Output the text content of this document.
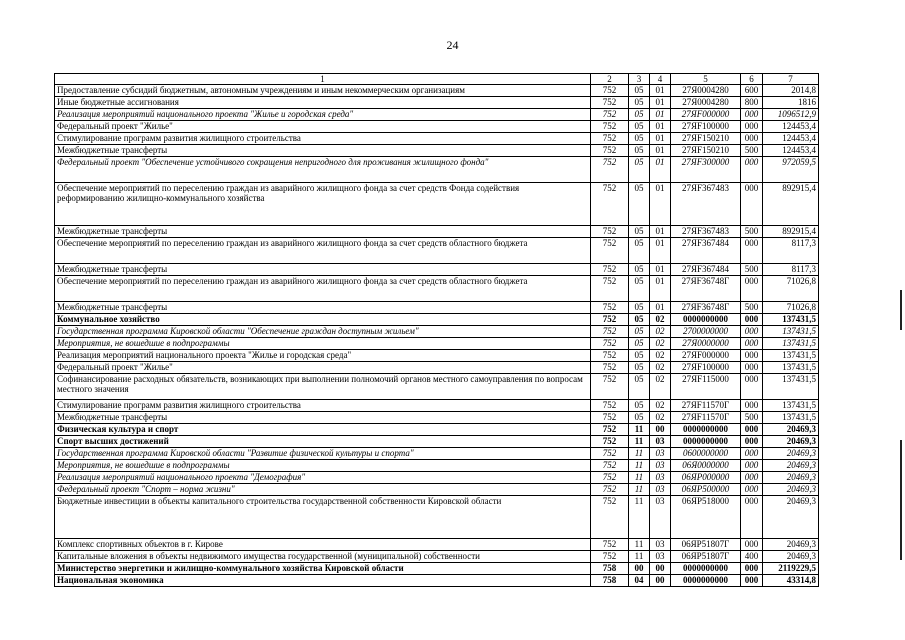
24
1	2	3	4	5	6	7
Предоставление субсидий бюджетным, автономным учреждениям и иным некоммерческим организациям	752	05	01	27Я0004280	600	2014,8
Иные бюджетные ассигнования	752	05	01	27Я0004280	800	1816
Реализация мероприятий национального проекта "Жилье и городская среда"	752	05	01	27ЯF000000	000	1096512,9
Федеральный проект "Жилье"	752	05	01	27ЯF100000	000	124453,4
Стимулирование программ развития жилищного строительства	752	05	01	27ЯF150210	000	124453,4
Межбюджетные трансферты	752	05	01	27ЯF150210	500	124453,4
Федеральный проект "Обеспечение устойчивого сокращения непригодного для проживания жилищного фонда"	752	05	01	27ЯF300000	000	972059,5
Обеспечение мероприятий по переселению граждан из аварийного жилищного фонда за счет средств Фонда содействия реформированию жилищно-коммунального хозяйства	752	05	01	27ЯF367483	000	892915,4
Межбюджетные трансферты	752	05	01	27ЯF367483	500	892915,4
Обеспечение мероприятий по переселению граждан из аварийного жилищного фонда за счет средств областного бюджета	752	05	01	27ЯF367484	000	8117,3
Межбюджетные трансферты	752	05	01	27ЯF367484	500	8117,3
Обеспечение мероприятий по переселению граждан из аварийного жилищного фонда за счет средств областного бюджета	752	05	01	27ЯF36748Г	000	71026,8
Межбюджетные трансферты	752	05	01	27ЯF36748Г	500	71026,8
Коммунальное хозяйство	752	05	02	0000000000	000	137431,5
Государственная программа Кировской области "Обеспечение граждан доступным жильем"	752	05	02	2700000000	000	137431,5
Мероприятия, не вошедшие в подпрограммы	752	05	02	27Я0000000	000	137431,5
Реализация мероприятий национального проекта "Жилье и городская среда"	752	05	02	27ЯF000000	000	137431,5
Федеральный проект "Жилье"	752	05	02	27ЯF100000	000	137431,5
Софинансирование расходных обязательств, возникающих при выполнении полномочий органов местного самоуправления по вопросам местного значения	752	05	02	27ЯF115000	000	137431,5
Стимулирование программ развития жилищного строительства	752	05	02	27ЯF11570Г	000	137431,5
Межбюджетные трансферты	752	05	02	27ЯF11570Г	500	137431,5
Физическая культура и спорт	752	11	00	0000000000	000	20469,3
Спорт высших достижений	752	11	03	0000000000	000	20469,3
Государственная программа Кировской области "Развитие физической культуры и спорта"	752	11	03	0600000000	000	20469,3
Мероприятия, не вошедшие в подпрограммы	752	11	03	06Я0000000	000	20469,3
Реализация мероприятий национального проекта "Демография"	752	11	03	06ЯР000000	000	20469,3
Федеральный проект "Спорт – норма жизни"	752	11	03	06ЯР500000	000	20469,3
Бюджетные инвестиции в объекты капитального строительства государственной собственности Кировской области	752	11	03	06ЯР518000	000	20469,3
Комплекс спортивных объектов в г. Кирове	752	11	03	06ЯР51807Г	000	20469,3
Капитальные вложения в объекты недвижимого имущества государственной (муниципальной) собственности	752	11	03	06ЯР51807Г	400	20469,3
Министерство энергетики и жилищно-коммунального хозяйства Кировской области	758	00	00	0000000000	000	2119229,5
Национальная экономика	758	04	00	0000000000	000	43314,8
